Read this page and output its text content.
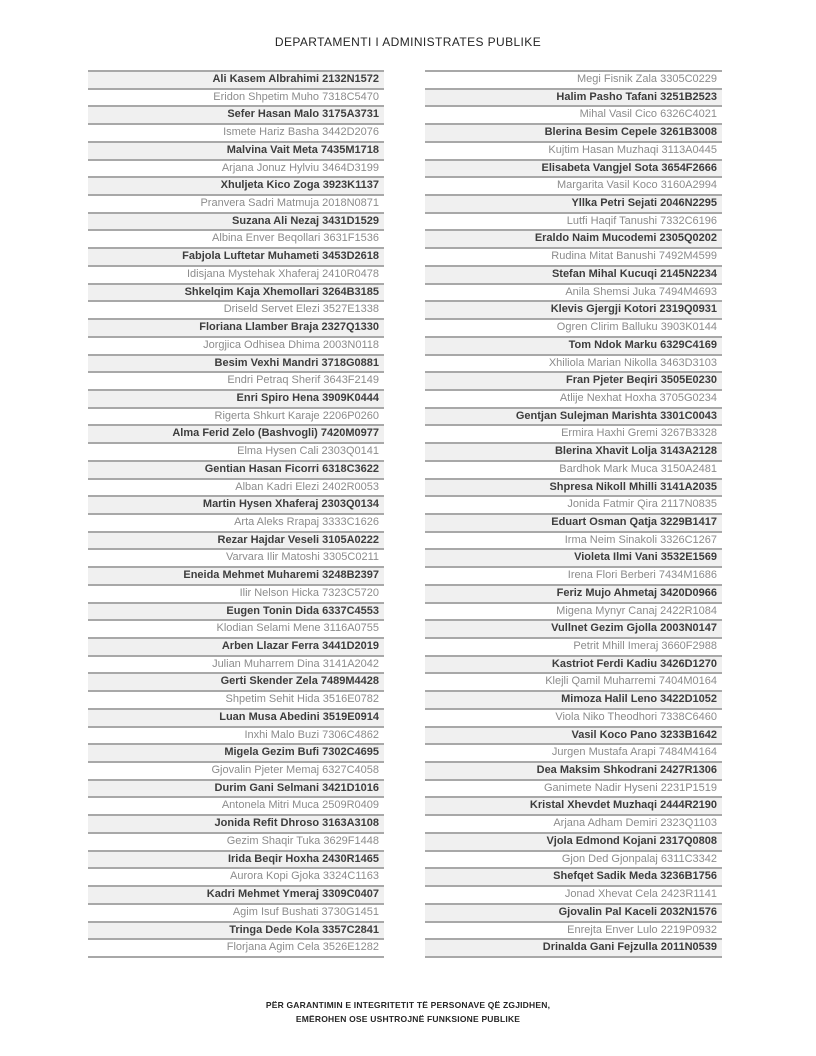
DEPARTAMENTI I ADMINISTRATES PUBLIKE
Ali Kasem Albrahimi 2132N1572
Eridon Shpetim Muho 7318C5470
Sefer Hasan Malo 3175A3731
Ismete Hariz Basha 3442D2076
Malvina Vait Meta 7435M1718
Arjana Jonuz Hylviu 3464D3199
Xhuljeta Kico Zoga 3923K1137
Pranvera Sadri Matmuja 2018N0871
Suzana Ali Nezaj 3431D1529
Albina Enver Beqollari 3631F1536
Fabjola Luftetar Muhameti 3453D2618
Idisjana Mystehak Xhaferaj 2410R0478
Shkelqim Kaja Xhemollari 3264B3185
Driseld Servet Elezi 3527E1338
Floriana Llamber Braja 2327Q1330
Jorgjica Odhisea Dhima 2003N0118
Besim Vexhi Mandri 3718G0881
Endri Petraq Sherif 3643F2149
Enri Spiro Hena 3909K0444
Rigerta Shkurt Karaje 2206P0260
Alma Ferid Zelo (Bashvogli) 7420M0977
Elma Hysen Cali 2303Q0141
Gentian Hasan Ficorri 6318C3622
Alban Kadri Elezi 2402R0053
Martin Hysen Xhaferaj 2303Q0134
Arta Aleks Rrapaj 3333C1626
Rezar Hajdar Veseli 3105A0222
Varvara Ilir Matoshi 3305C0211
Eneida Mehmet Muharemi 3248B2397
Ilir Nelson Hicka 7323C5720
Eugen Tonin Dida 6337C4553
Klodian Selami Mene 3116A0755
Arben Llazar Ferra 3441D2019
Julian Muharrem Dina 3141A2042
Gerti Skender Zela 7489M4428
Shpetim Sehit Hida 3516E0782
Luan Musa Abedini 3519E0914
Inxhi Malo Buzi 7306C4862
Migela Gezim Bufi 7302C4695
Gjovalin Pjeter Memaj 6327C4058
Durim Gani Selmani 3421D1016
Antonela Mitri Muca 2509R0409
Jonida Refit Dhroso 3163A3108
Gezim Shaqir Tuka 3629F1448
Irida Beqir Hoxha 2430R1465
Aurora Kopi Gjoka 3324C1163
Kadri Mehmet Ymeraj 3309C0407
Agim Isuf Bushati 3730G1451
Tringa Dede Kola 3357C2841
Florjana Agim Cela 3526E1282
Megi Fisnik Zala 3305C0229
Halim Pasho Tafani 3251B2523
Mihal Vasil Cico 6326C4021
Blerina Besim Cepele 3261B3008
Kujtim Hasan Muzhaqi 3113A0445
Elisabeta Vangjel Sota 3654F2666
Margarita Vasil Koco 3160A2994
Yllka Petri Sejati 2046N2295
Lutfi Haqif Tanushi 7332C6196
Eraldo Naim Mucodemi 2305Q0202
Rudina Mitat Banushi 7492M4599
Stefan Mihal Kucuqi 2145N2234
Anila Shemsi Juka 7494M4693
Klevis Gjergji Kotori 2319Q0931
Ogren Clirim Balluku 3903K0144
Tom Ndok Marku 6329C4169
Xhiliola Marian Nikolla 3463D3103
Fran Pjeter Beqiri 3505E0230
Atlije Nexhat Hoxha 3705G0234
Gentjan Sulejman Marishta 3301C0043
Ermira Haxhi Gremi 3267B3328
Blerina Xhavit Lolja 3143A2128
Bardhok Mark Muca 3150A2481
Shpresa Nikoll Mhilli 3141A2035
Jonida Fatmir Qira 2117N0835
Eduart Osman Qatja 3229B1417
Irma Neim Sinakoli 3326C1267
Violeta Ilmi Vani 3532E1569
Irena Flori Berberi 7434M1686
Feriz Mujo Ahmetaj 3420D0966
Migena Mynyr Canaj 2422R1084
Vullnet Gezim Gjolla 2003N0147
Petrit Mhill Imeraj 3660F2988
Kastriot Ferdi Kadiu 3426D1270
Klejli Qamil Muharremi 7404M0164
Mimoza Halil Leno 3422D1052
Viola Niko Theodhori 7338C6460
Vasil Koco Pano 3233B1642
Jurgen Mustafa Arapi 7484M4164
Dea Maksim Shkodrani 2427R1306
Ganimete Nadir Hyseni 2231P1519
Kristal Xhevdet Muzhaqi 2444R2190
Arjana Adham Demiri 2323Q1103
Vjola Edmond Kojani 2317Q0808
Gjon Ded Gjonpalaj 6311C3342
Shefqet Sadik Meda 3236B1756
Jonad Xhevat Cela 2423R1141
Gjovalin Pal Kaceli 2032N1576
Enrejta Enver Lulo 2219P0932
Drinalda Gani Fejzulla 2011N0539
PËR GARANTIMIN E INTEGRITETIT TË PERSONAVE QË ZGJIDHEN,
EMËROHEN OSE USHTROJNË FUNKSIONE PUBLIKE
